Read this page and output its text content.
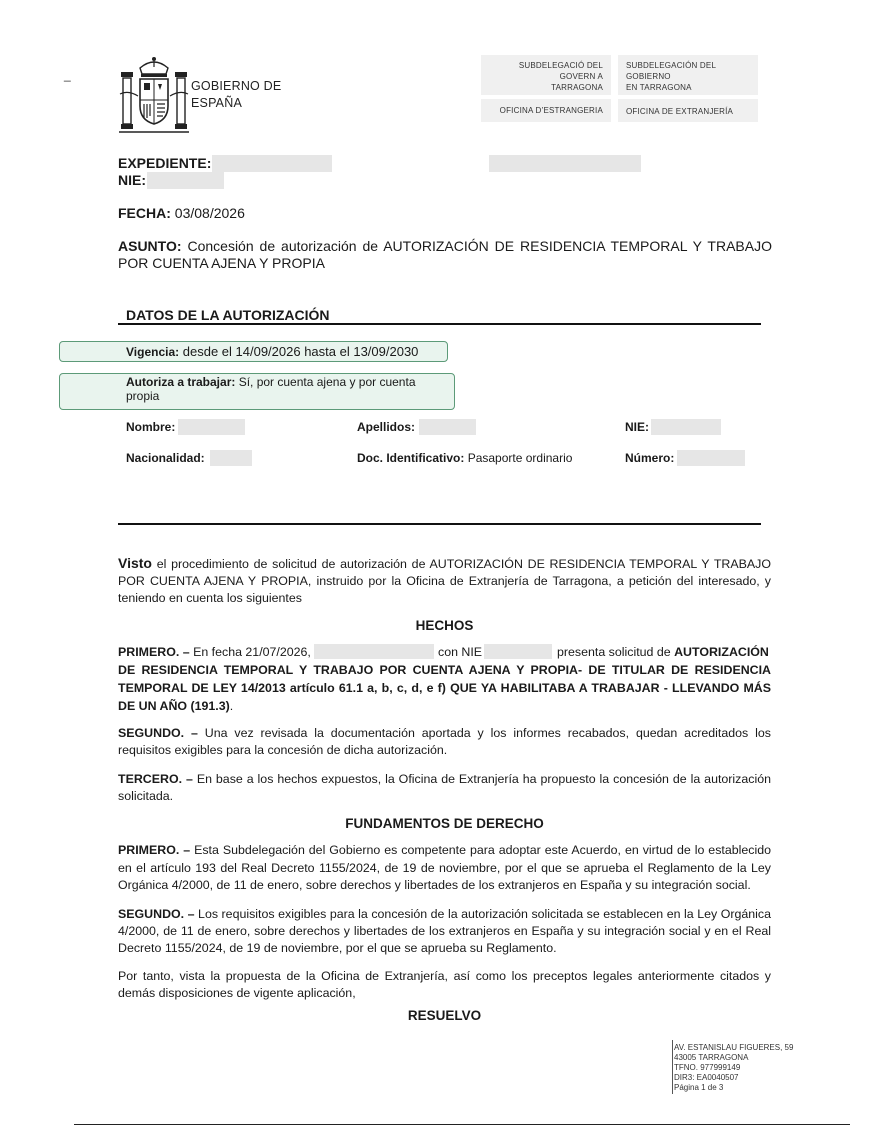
_
GOBIERNO DE
ESPAÑA
SUBDELEGACIÓ DEL GOVERN A
TARRAGONA
SUBDELEGACIÓN DEL GOBIERNO
EN TARRAGONA
OFICINA D’ESTRANGERIA	OFICINA DE EXTRANJERÍA
EXPEDIENTE:
NIE:
FECHA: 03/08/2026
ASUNTO: Concesión de autorización de AUTORIZACIÓN DE RESIDENCIA TEMPORAL Y TRABAJO
POR CUENTA AJENA Y PROPIA
DATOS DE LA AUTORIZACIÓN
Vigencia: desde el 14/09/2026 hasta el 13/09/2030
Autoriza a trabajar: Sí, por cuenta ajena y por cuenta
propia
Nombre:	Apellidos:	NIE:
Nacionalidad:	Doc. Identificativo: Pasaporte ordinario	Número:
Visto el procedimiento de solicitud de autorización de AUTORIZACIÓN DE RESIDENCIA TEMPORAL Y TRABAJO
POR CUENTA AJENA Y PROPIA, instruido por la Oficina de Extranjería de Tarragona, a petición del interesado, y
teniendo en cuenta los siguientes
HECHOS
PRIMERO. – En fecha 21/07/2026,	con NIE	presenta solicitud de AUTORIZACIÓN
DE RESIDENCIA TEMPORAL Y TRABAJO POR CUENTA AJENA Y PROPIA- DE TITULAR DE RESIDENCIA
TEMPORAL DE LEY 14/2013 artículo 61.1 a, b, c, d, e f) QUE YA HABILITABA A TRABAJAR - LLEVANDO MÁS
DE UN AÑO (191.3).
SEGUNDO. – Una vez revisada la documentación aportada y los informes recabados, quedan acreditados los
requisitos exigibles para la concesión de dicha autorización.
TERCERO. – En base a los hechos expuestos, la Oficina de Extranjería ha propuesto la concesión de la autorización
solicitada.
FUNDAMENTOS DE DERECHO
PRIMERO. – Esta Subdelegación del Gobierno es competente para adoptar este Acuerdo, en virtud de lo establecido
en el artículo 193 del Real Decreto 1155/2024, de 19 de noviembre, por el que se aprueba el Reglamento de la Ley
Orgánica 4/2000, de 11 de enero, sobre derechos y libertades de los extranjeros en España y su integración social.
SEGUNDO. – Los requisitos exigibles para la concesión de la autorización solicitada se establecen en la Ley Orgánica
4/2000, de 11 de enero, sobre derechos y libertades de los extranjeros en España y su integración social y en el Real
Decreto 1155/2024, de 19 de noviembre, por el que se aprueba su Reglamento.
Por tanto, vista la propuesta de la Oficina de Extranjería, así como los preceptos legales anteriormente citados y
demás disposiciones de vigente aplicación,
RESUELVO
AV. ESTANISLAU FIGUERES, 59
43005 TARRAGONA
TFNO. 977999149
DIR3: EA0040507
Página 1 de 3
